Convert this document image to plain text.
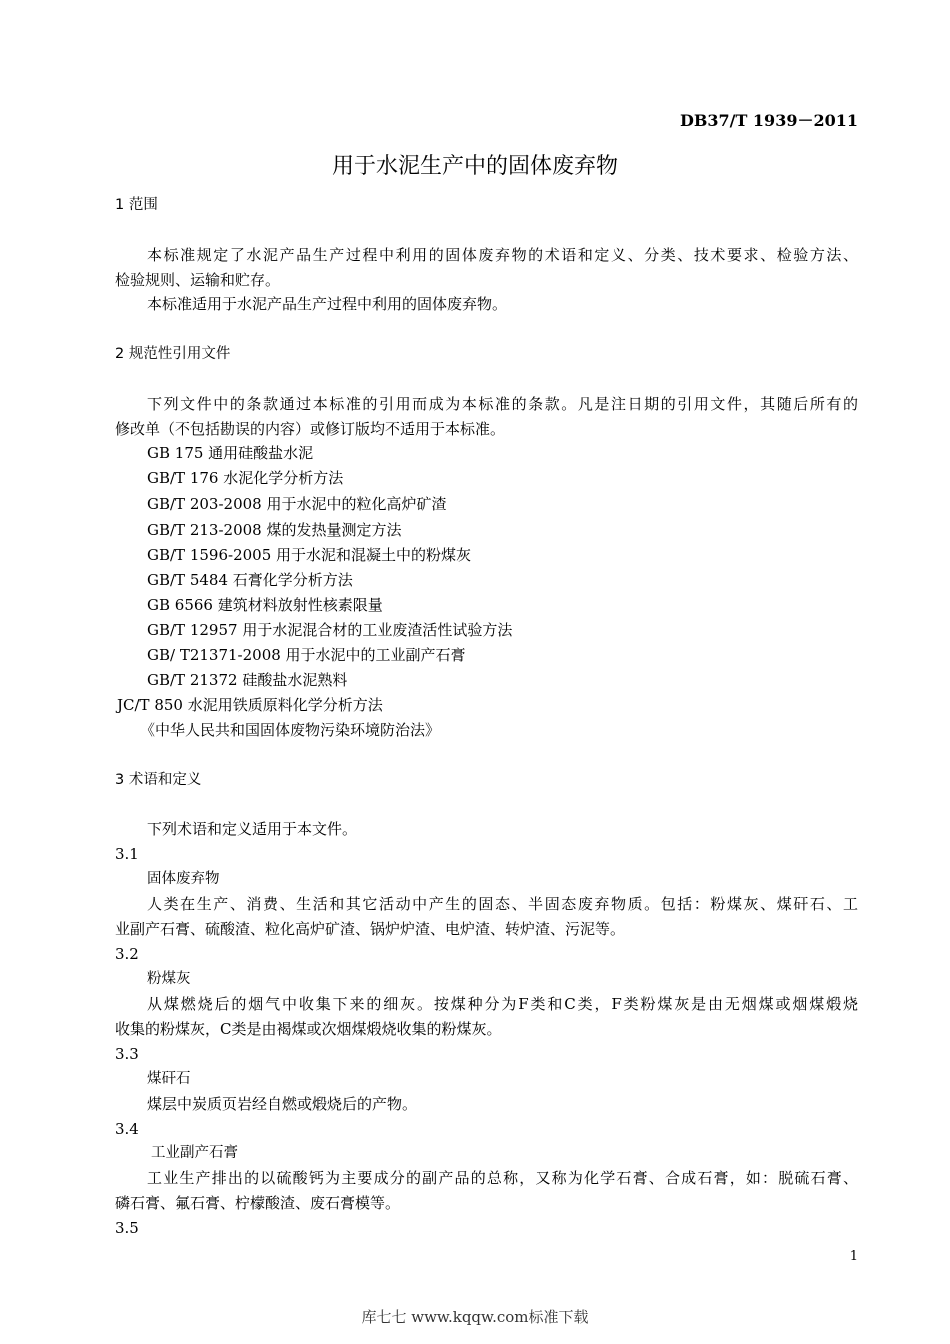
DB37/T 1939－2011
用于水泥生产中的固体废弃物
1 范围
本标准规定了水泥产品生产过程中利用的固体废弃物的术语和定义、分类、技术要求、检验方法、
检验规则、运输和贮存。
本标准适用于水泥产品生产过程中利用的固体废弃物。
2 规范性引用文件
下列文件中的条款通过本标准的引用而成为本标准的条款。凡是注日期的引用文件，其随后所有的
修改单（不包括勘误的内容）或修订版均不适用于本标准。
GB 175 通用硅酸盐水泥
GB/T 176 水泥化学分析方法
GB/T 203-2008 用于水泥中的粒化高炉矿渣
GB/T 213-2008 煤的发热量测定方法
GB/T 1596-2005 用于水泥和混凝土中的粉煤灰
GB/T 5484 石膏化学分析方法
GB 6566 建筑材料放射性核素限量
GB/T 12957 用于水泥混合材的工业废渣活性试验方法
GB/ T21371-2008 用于水泥中的工业副产石膏
GB/T 21372 硅酸盐水泥熟料
JC/T 850 水泥用铁质原料化学分析方法
《中华人民共和国固体废物污染环境防治法》
3 术语和定义
下列术语和定义适用于本文件。
3.1
固体废弃物
人类在生产、消费、生活和其它活动中产生的固态、半固态废弃物质。包括：粉煤灰、煤矸石、工
业副产石膏、硫酸渣、粒化高炉矿渣、锅炉炉渣、电炉渣、转炉渣、污泥等。
3.2
粉煤灰
从煤燃烧后的烟气中收集下来的细灰。按煤种分为F类和C类，F类粉煤灰是由无烟煤或烟煤煅烧
收集的粉煤灰，C类是由褐煤或次烟煤煅烧收集的粉煤灰。
3.3
煤矸石
煤层中炭质页岩经自燃或煅烧后的产物。
3.4
工业副产石膏
工业生产排出的以硫酸钙为主要成分的副产品的总称，又称为化学石膏、合成石膏，如：脱硫石膏、
磷石膏、氟石膏、柠檬酸渣、废石膏模等。
3.5
1
库七七 www.kqqw.com标准下载
